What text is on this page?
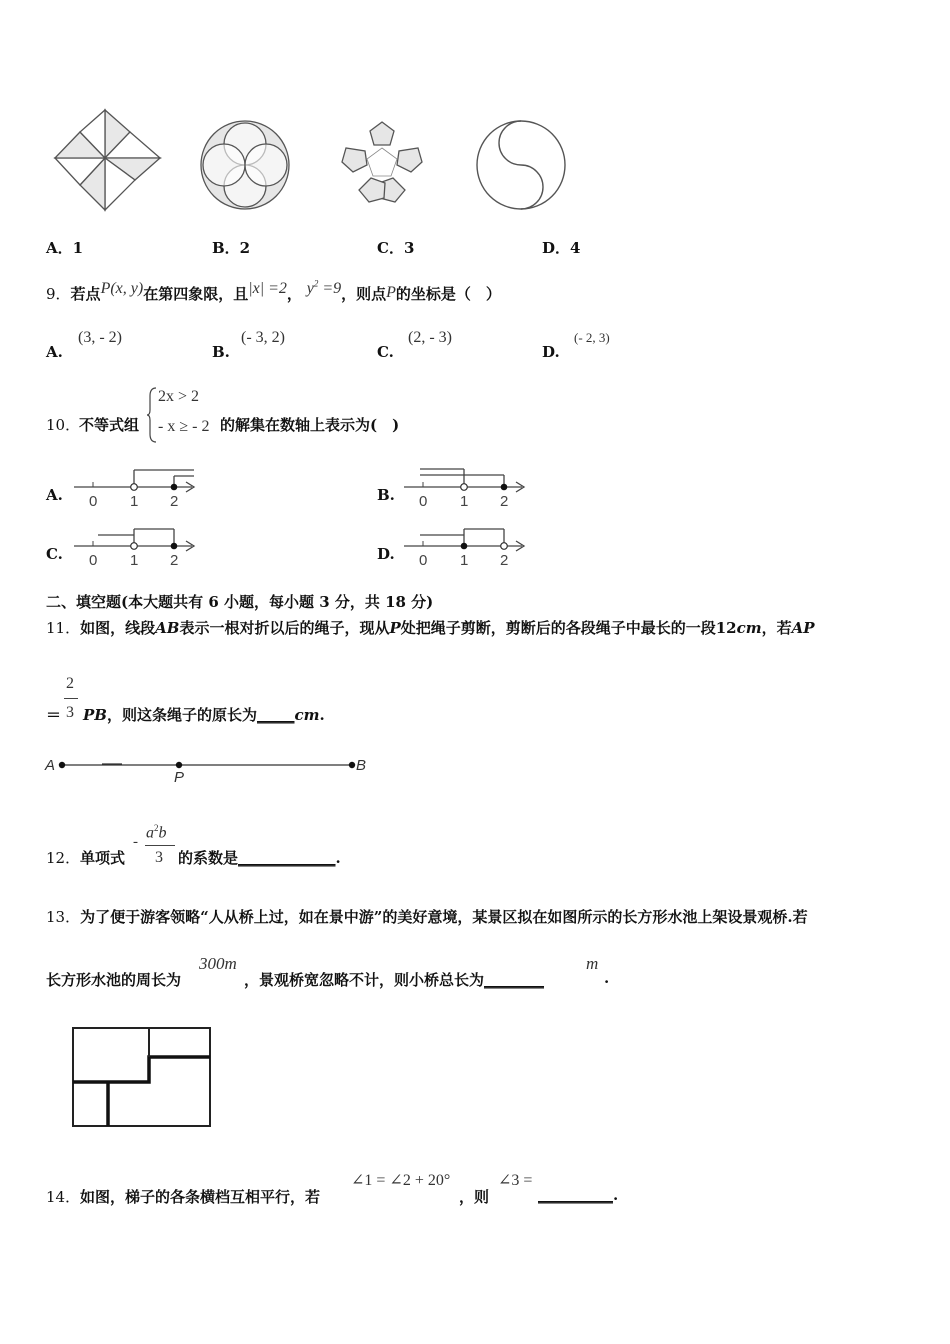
A．1	B．2	C．3	D．4
9．若点P(x, y)在第四象限，且|x| =2， $y^2 =9$，则点P的坐标是（　）
A.
(3, - 2)
B.
(- 3, 2)
C.
(2, - 3)
D.
(- 2, 3)
10．
不等式组
2x > 2
- x ≥ - 2 的解集在数轴上表示为(　)
A. 0 1 2	B. 0 1 2
C. 0 1 2	D. 0 1 2
二、填空题(本大题共有 6 小题，每小题 3 分，共 18 分)
11．如图，线段AB表示一根对折以后的绳子，现从P处把绳子剪断，剪断后的各段绳子中最长的一段12cm，若AP
＝
2
3 PB，则这条绳子的原长为_____cm.
A
P
B
12． 单项式
-
$a^2b$
3 的系数是_____________.
13．为了便于游客领略“人从桥上过，如在景中游”的美好意境，某景区拟在如图所示的长方形水池上架设景观桥.若
长方形水池的周长为
300m
，景观桥宽忽略不计，则小桥总长为________
m
.
14． 如图，梯子的各条横档互相平行，若
∠1 = ∠2 + 20°
，则
∠3 =
__________.
